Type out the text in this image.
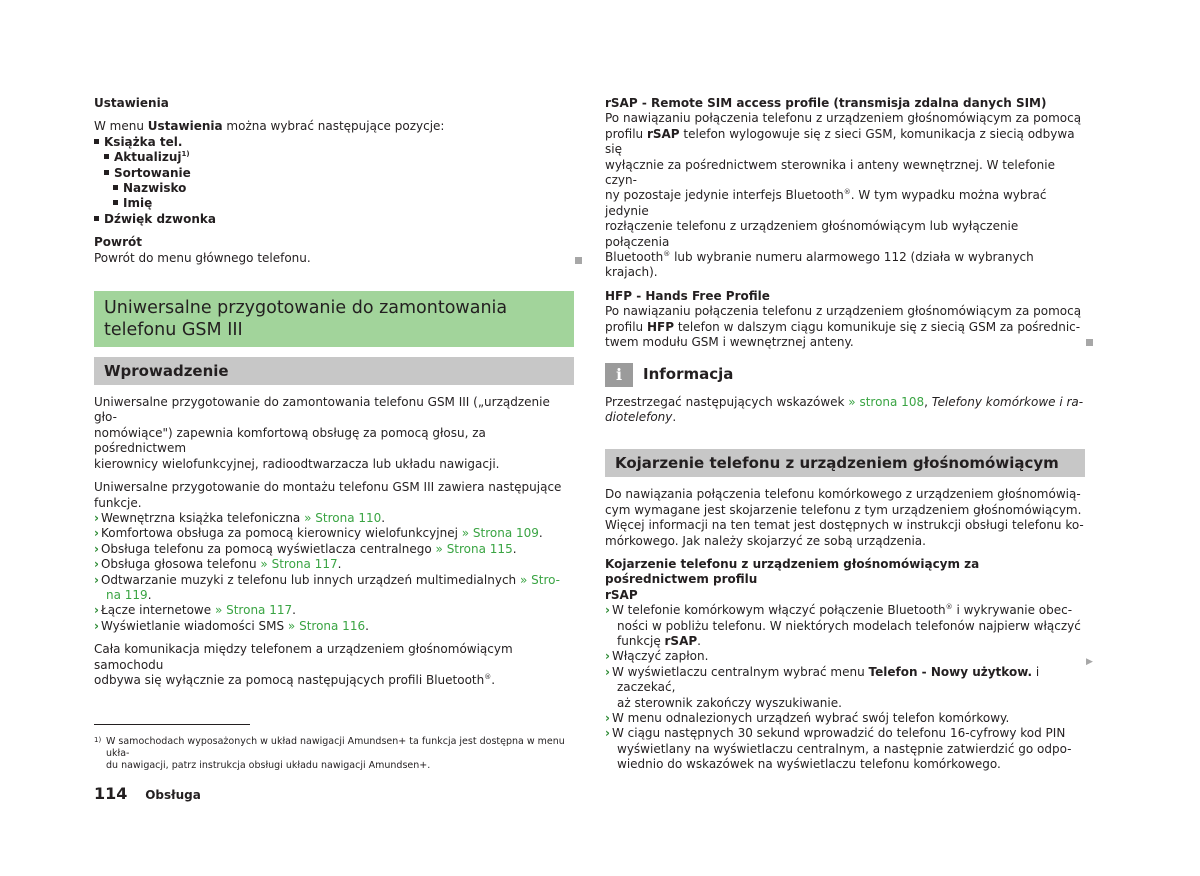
Ustawienia

W menu Ustawienia można wybrać następujące pozycje:

Książka tel.

Aktualizuj$^{1)}$

Sortowanie

Nazwisko

Imię

Dźwięk dzwonka

Powrót

Powrót do menu głównego telefonu.

Uniwersalne przygotowanie do zamontowania
telefonu GSM III
Wprowadzenie

Uniwersalne przygotowanie do zamontowania telefonu GSM III („urządzenie gło-
nomówiące") zapewnia komfortową obsługę za pomocą głosu, za pośrednictwem
kierownicy wielofunkcyjnej, radioodtwarzacza lub układu nawigacji.

Uniwersalne przygotowanie do montażu telefonu GSM III zawiera następujące
funkcje.

› Wewnętrzna książka telefoniczna » Strona 110.

› Komfortowa obsługa za pomocą kierownicy wielofunkcyjnej » Strona 109.

› Obsługa telefonu za pomocą wyświetlacza centralnego » Strona 115.

› Obsługa głosowa telefonu » Strona 117.

› Odtwarzanie muzyki z telefonu lub innych urządzeń multimedialnych » Stro-
na 119.

› Łącze internetowe » Strona 117.

› Wyświetlanie wiadomości SMS » Strona 116.

Cała komunikacja między telefonem a urządzeniem głośnomówiącym samochodu
odbywa się wyłącznie za pomocą następujących profili Bluetooth®.

rSAP - Remote SIM access profile (transmisja zdalna danych SIM)

Po nawiązaniu połączenia telefonu z urządzeniem głośnomówiącym za pomocą
profilu rSAP telefon wylogowuje się z sieci GSM, komunikacja z siecią odbywa się
wyłącznie za pośrednictwem sterownika i anteny wewnętrznej. W telefonie czyn-
ny pozostaje jedynie interfejs Bluetooth®. W tym wypadku można wybrać jedynie
rozłączenie telefonu z urządzeniem głośnomówiącym lub wyłączenie połączenia
Bluetooth® lub wybranie numeru alarmowego 112 (działa w wybranych krajach).

HFP - Hands Free Profile

Po nawiązaniu połączenia telefonu z urządzeniem głośnomówiącym za pomocą
profilu HFP telefon w dalszym ciągu komunikuje się z siecią GSM za pośrednic-
twem modułu GSM i wewnętrznej anteny.

i	Informacja

Przestrzegać następujących wskazówek » strona 108, Telefony komórkowe i ra-
diotelefony.

Kojarzenie telefonu z urządzeniem głośnomówiącym

Do nawiązania połączenia telefonu komórkowego z urządzeniem głośnomówią-
cym wymagane jest skojarzenie telefonu z tym urządzeniem głośnomówiącym.
Więcej informacji na ten temat jest dostępnych w instrukcji obsługi telefonu ko-
mórkowego. Jak należy skojarzyć ze sobą urządzenia.

Kojarzenie telefonu z urządzeniem głośnomówiącym za pośrednictwem profilu
rSAP

› W telefonie komórkowym włączyć połączenie Bluetooth® i wykrywanie obec-
ności w pobliżu telefonu. W niektórych modelach telefonów najpierw włączyć
funkcję rSAP.

› Włączyć zapłon.

› W wyświetlaczu centralnym wybrać menu Telefon - Nowy użytkow. i zaczekać,
aż sterownik zakończy wyszukiwanie.

› W menu odnalezionych urządzeń wybrać swój telefon komórkowy.

› W ciągu następnych 30 sekund wprowadzić do telefonu 16-cyfrowy kod PIN
wyświetlany na wyświetlaczu centralnym, a następnie zatwierdzić go odpo-
wiednio do wskazówek na wyświetlaczu telefonu komórkowego.

▶
1) W samochodach wyposażonych w układ nawigacji Amundsen+ ta funkcja jest dostępna w menu ukła-
du nawigacji, patrz instrukcja obsługi układu nawigacji Amundsen+.
114 Obsługa
